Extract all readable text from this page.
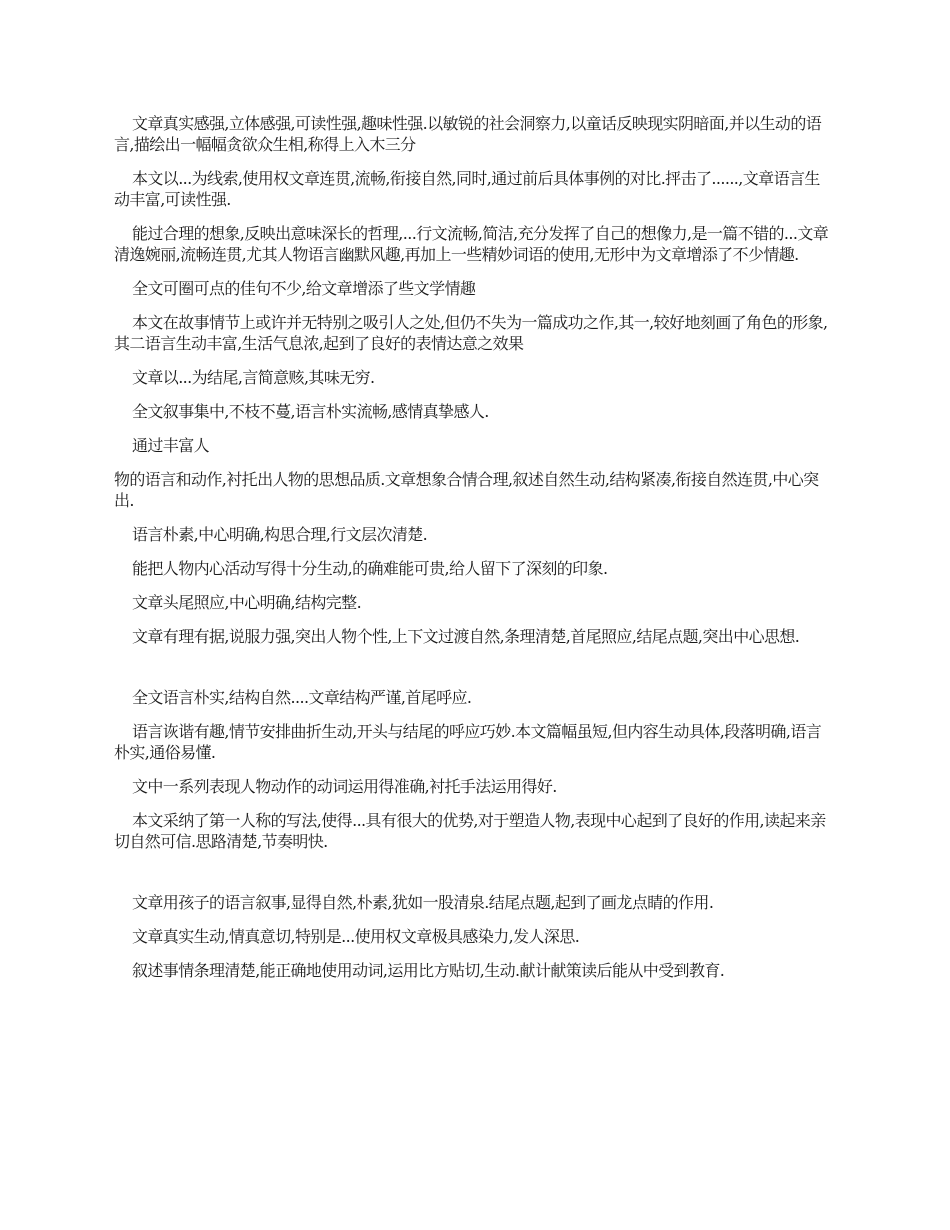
文章真实感强,立体感强,可读性强,趣味性强.以敏锐的社会洞察力,以童话反映现实阴暗面,并以生动的语言,描绘出一幅幅贪欲众生相,称得上入木三分

本文以...为线索,使用权文章连贯,流畅,衔接自然,同时,通过前后具体事例的对比.抨击了......,文章语言生动丰富,可读性强.

能过合理的想象,反映出意味深长的哲理,...行文流畅,简洁,充分发挥了自己的想像力,是一篇不错的...文章清逸婉丽,流畅连贯,尤其人物语言幽默风趣,再加上一些精妙词语的使用,无形中为文章增添了不少情趣.

全文可圈可点的佳句不少,给文章增添了些文学情趣

本文在故事情节上或许并无特别之吸引人之处,但仍不失为一篇成功之作,其一,较好地刻画了角色的形象,其二语言生动丰富,生活气息浓,起到了良好的表情达意之效果

文章以...为结尾,言简意赅,其味无穷.

全文叙事集中,不枝不蔓,语言朴实流畅,感情真挚感人.

通过丰富人

物的语言和动作,衬托出人物的思想品质.文章想象合情合理,叙述自然生动,结构紧凑,衔接自然连贯,中心突出.

语言朴素,中心明确,构思合理,行文层次清楚.

能把人物内心活动写得十分生动,的确难能可贵,给人留下了深刻的印象.

文章头尾照应,中心明确,结构完整.

文章有理有据,说服力强,突出人物个性,上下文过渡自然,条理清楚,首尾照应,结尾点题,突出中心思想.

全文语言朴实,结构自然....文章结构严谨,首尾呼应.

语言诙谐有趣,情节安排曲折生动,开头与结尾的呼应巧妙.本文篇幅虽短,但内容生动具体,段落明确,语言朴实,通俗易懂.

文中一系列表现人物动作的动词运用得准确,衬托手法运用得好.

本文采纳了第一人称的写法,使得...具有很大的优势,对于塑造人物,表现中心起到了良好的作用,读起来亲切自然可信.思路清楚,节奏明快.

文章用孩子的语言叙事,显得自然,朴素,犹如一股清泉.结尾点题,起到了画龙点睛的作用.

文章真实生动,情真意切,特别是...使用权文章极具感染力,发人深思.

叙述事情条理清楚,能正确地使用动词,运用比方贴切,生动.献计献策读后能从中受到教育.
